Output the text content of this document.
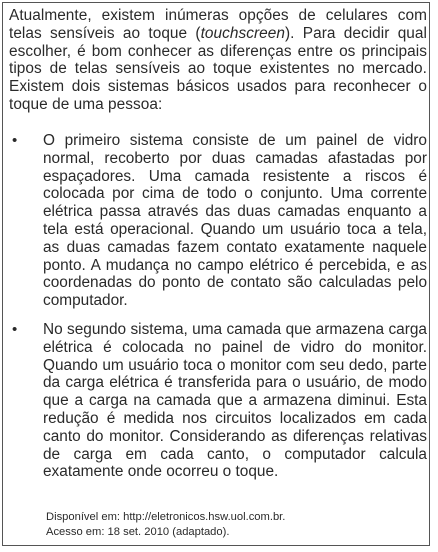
Atualmente, existem inúmeras opções de celulares com telas sensíveis ao toque (touchscreen). Para decidir qual escolher, é bom conhecer as diferenças entre os principais tipos de telas sensíveis ao toque existentes no mercado. Existem dois sistemas básicos usados para reconhecer o toque de uma pessoa:
•	O primeiro sistema consiste de um painel de vidro normal, recoberto por duas camadas afastadas por espaçadores. Uma camada resistente a riscos é colocada por cima de todo o conjunto. Uma corrente elétrica passa através das duas camadas enquanto a tela está operacional. Quando um usuário toca a tela, as duas camadas fazem contato exatamente naquele ponto. A mudança no campo elétrico é percebida, e as coordenadas do ponto de contato são calculadas pelo computador.
•	No segundo sistema, uma camada que armazena carga elétrica é colocada no painel de vidro do monitor. Quando um usuário toca o monitor com seu dedo, parte da carga elétrica é transferida para o usuário, de modo que a carga na camada que a armazena diminui. Esta redução é medida nos circuitos localizados em cada canto do monitor. Considerando as diferenças relativas de carga em cada canto, o computador calcula exatamente onde ocorreu o toque.
Disponível em: http://eletronicos.hsw.uol.com.br.
Acesso em: 18 set. 2010 (adaptado).
